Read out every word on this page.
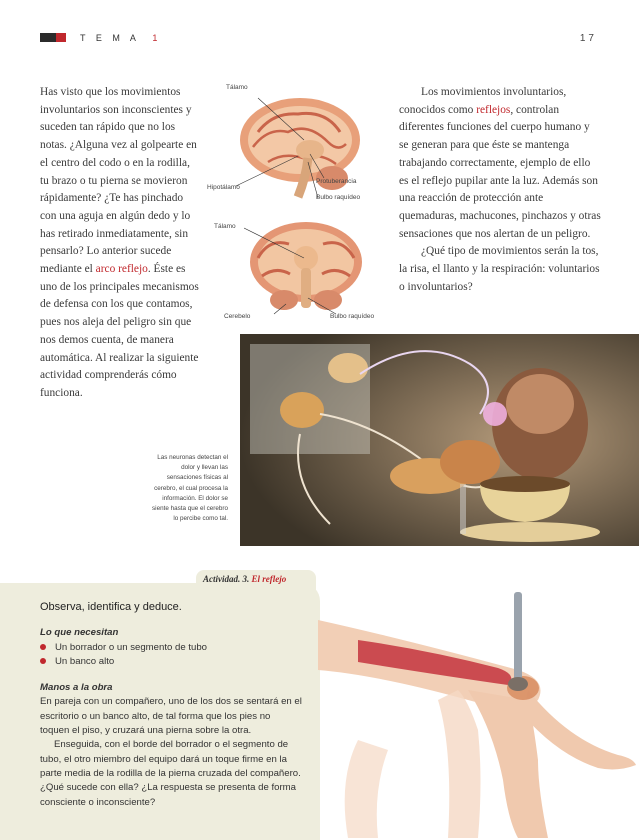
T E M A 1	17

Has visto que los movimientos involuntarios son inconscientes y suceden tan rápido que no los notas. ¿Alguna vez al golpearte en el centro del codo o en la rodilla, tu brazo o tu pierna se movieron rápidamente? ¿Te has pinchado con una aguja en algún dedo y lo has retirado inmediatamente, sin pensarlo? Lo anterior sucede mediante el arco reflejo. Éste es uno de los principales mecanismos de defensa con los que contamos, pues nos aleja del peligro sin que nos demos cuenta, de manera automática. Al realizar la siguiente actividad comprenderás cómo funciona.

Los movimientos involuntarios, conocidos como reflejos, controlan diferentes funciones del cuerpo humano y se generan para que éste se mantenga trabajando correctamente, ejemplo de ello es el reflejo pupilar ante la luz. Además son una reacción de protección ante quemaduras, machucones, pinchazos y otras sensaciones que nos alertan de un peligro.

¿Qué tipo de movimientos serán la tos, la risa, el llanto y la respiración: voluntarios o involuntarios?

Tálamo
Hipotálamo
Protuberancia
Bulbo raquídeo
Tálamo
Cerebelo	Bulbo raquídeo
Las neuronas detectan el dolor y llevan las sensaciones físicas al cerebro, el cual procesa la información. El dolor se siente hasta que el cerebro lo percibe como tal.
Actividad. 3. El reflejo

Observa, identifica y deduce.

Lo que necesitan

Un borrador o un segmento de tubo

Un banco alto

Manos a la obra

En pareja con un compañero, uno de los dos se sentará en el escritorio o un banco alto, de tal forma que los pies no toquen el piso, y cruzará una pierna sobre la otra.

Enseguida, con el borde del borrador o el segmento de tubo, el otro miembro del equipo dará un toque firme en la parte media de la rodilla de la pierna cruzada del compañero. ¿Qué sucede con ella? ¿La respuesta se presenta de forma consciente o inconsciente?
